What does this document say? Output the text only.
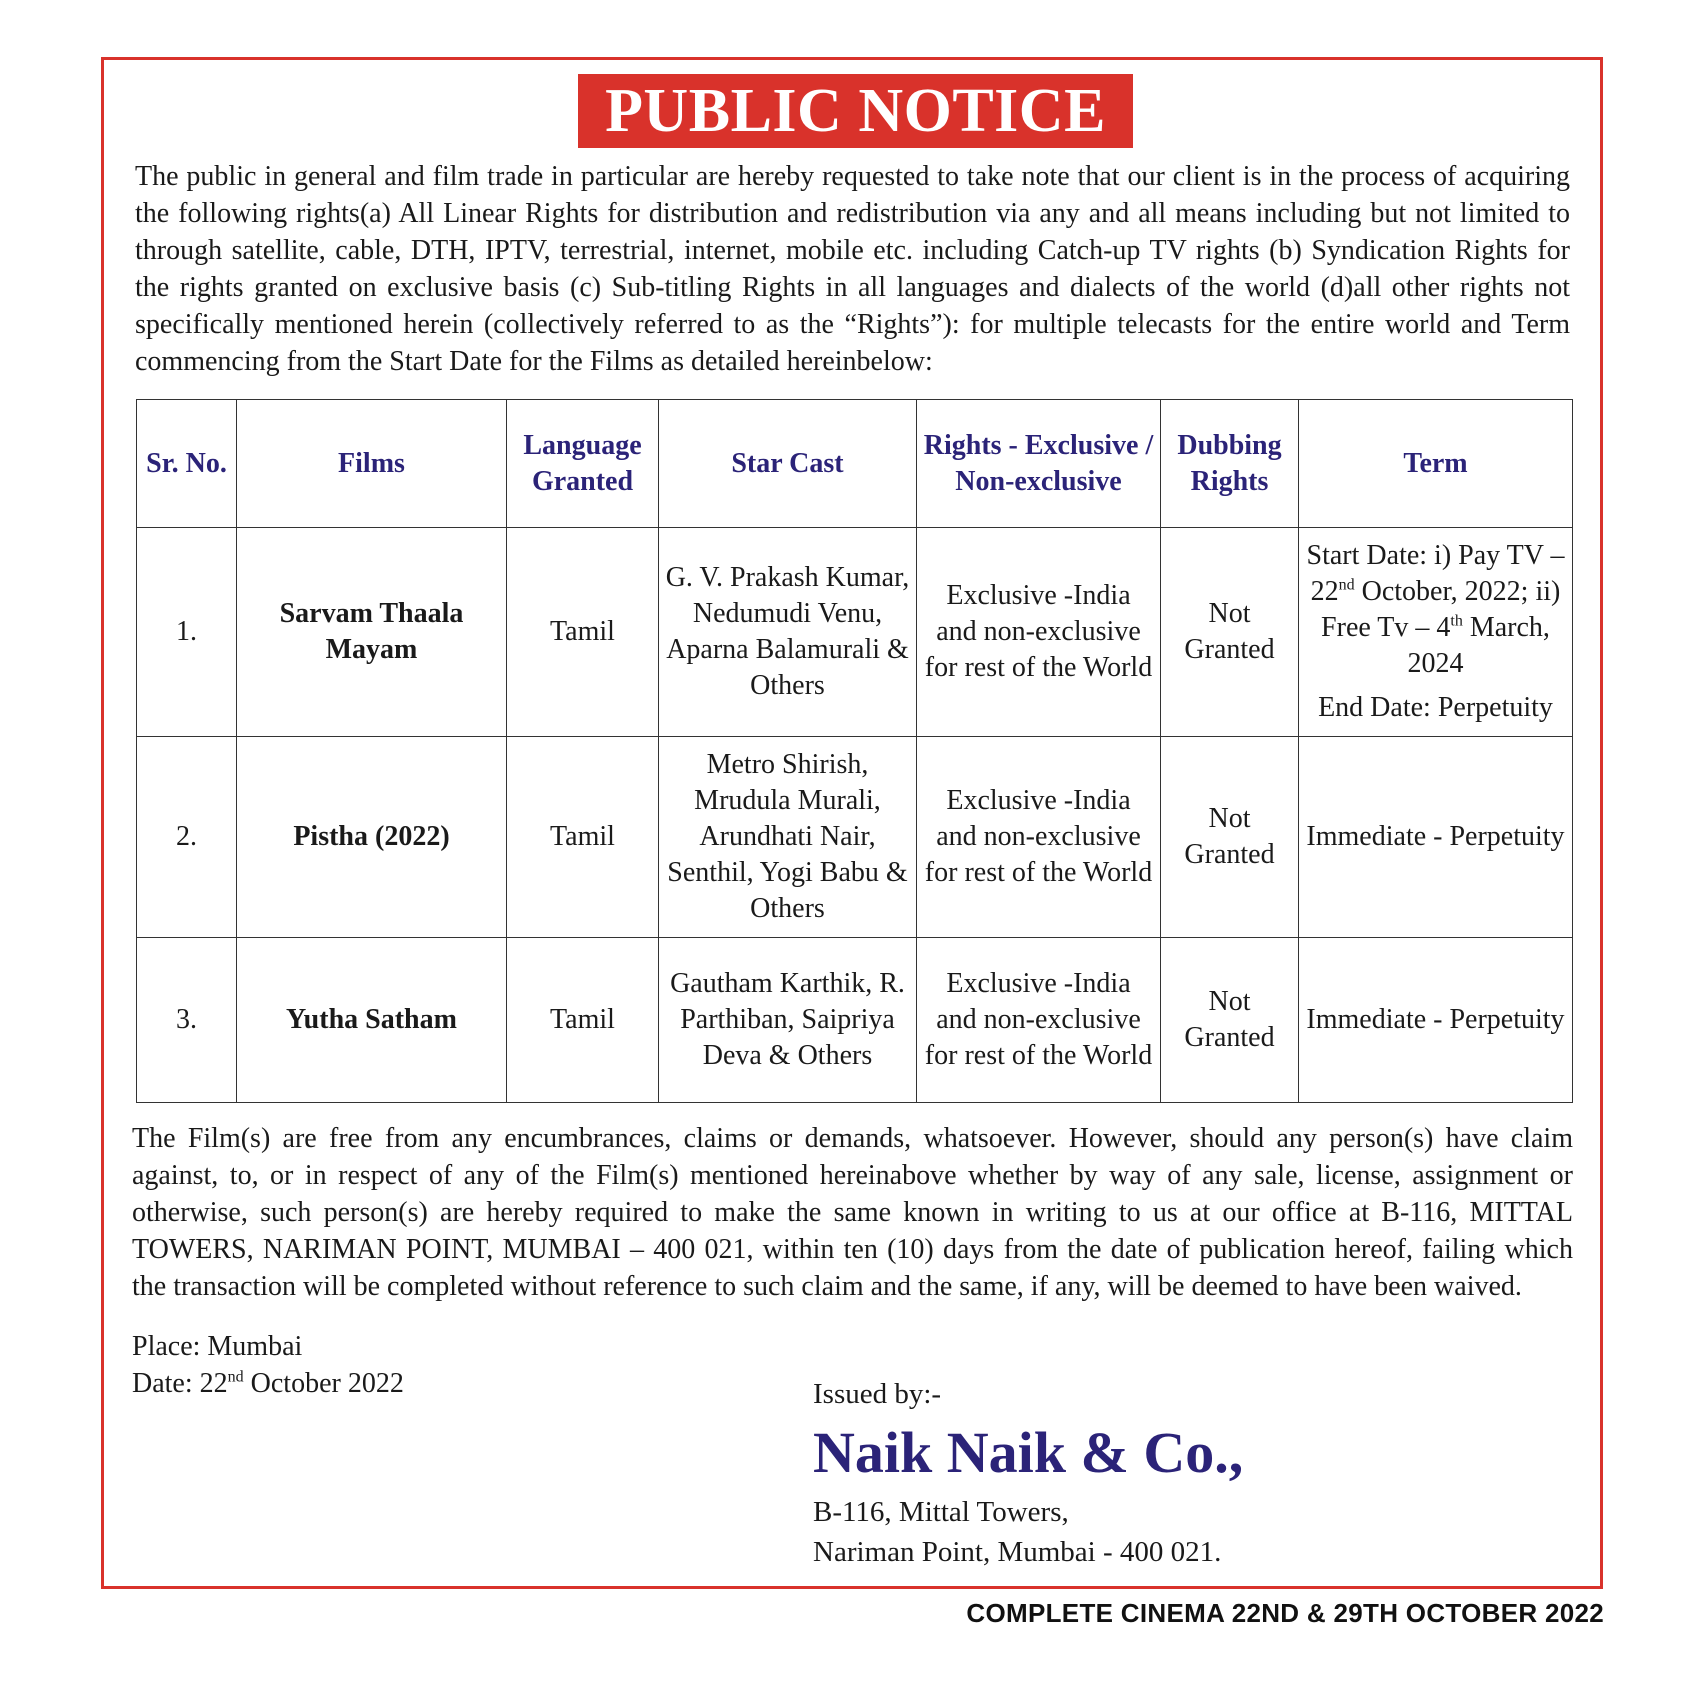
PUBLIC NOTICE
The public in general and film trade in particular are hereby requested to take note that our client is in the process of acquiring the following rights(a) All Linear Rights for distribution and redistribution via any and all means including but not limited to through satellite, cable, DTH, IPTV, terrestrial, internet, mobile etc. including Catch-up TV rights (b) Syndication Rights for the rights granted on exclusive basis (c) Sub-titling Rights in all languages and dialects of the world (d)all other rights not specifically mentioned herein (collectively referred to as the “Rights”): for multiple telecasts for the entire world and Term commencing from the Start Date for the Films as detailed hereinbelow:
Sr. No.	Films	Language Granted	Star Cast	Rights - Exclusive / Non-exclusive	Dubbing Rights	Term
1.	Sarvam Thaala Mayam	Tamil	G. V. Prakash Kumar, Nedumudi Venu, Aparna Balamurali & Others	Exclusive -India and non-exclusive for rest of the World	Not Granted	Start Date: i) Pay TV – 22nd October, 2022; ii) Free Tv – 4th March, 2024
End Date: Perpetuity

2.	Pistha (2022)	Tamil	Metro Shirish, Mrudula Murali, Arundhati Nair, Senthil, Yogi Babu & Others	Exclusive -India and non-exclusive for rest of the World	Not Granted	Immediate - Perpetuity
3.	Yutha Satham	Tamil	Gautham Karthik, R. Parthiban, Saipriya Deva & Others	Exclusive -India and non-exclusive for rest of the World	Not Granted	Immediate - Perpetuity
The Film(s) are free from any encumbrances, claims or demands, whatsoever. However, should any person(s) have claim against, to, or in respect of any of the Film(s) mentioned hereinabove whether by way of any sale, license, assignment or otherwise, such person(s) are hereby required to make the same known in writing to us at our office at B-116, MITTAL TOWERS, NARIMAN POINT, MUMBAI – 400 021, within ten (10) days from the date of publication hereof, failing which the transaction will be completed without reference to such claim and the same, if any, will be deemed to have been waived.
Place: Mumbai
Date: 22nd October 2022	Issued by:-
Naik Naik & Co.,
B-116, Mittal Towers,
Nariman Point, Mumbai - 400 021.
COMPLETE CINEMA 22ND & 29TH OCTOBER 2022
